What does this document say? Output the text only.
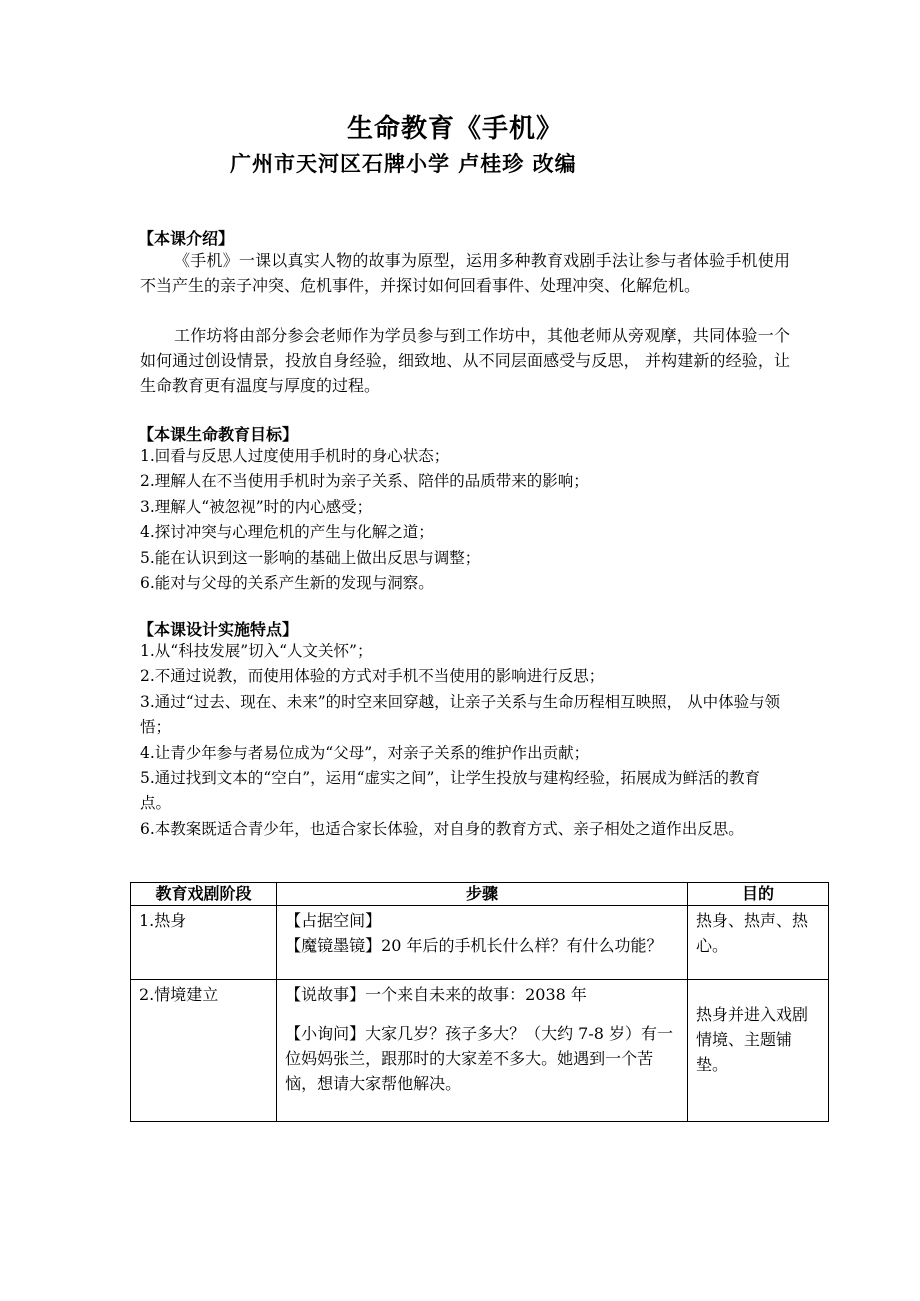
生命教育《手机》
广州市天河区石牌小学 卢桂珍 改编
【本课介绍】
《手机》一课以真实人物的故事为原型，运用多种教育戏剧手法让参与者体验手机使用不当产生的亲子冲突、危机事件，并探讨如何回看事件、处理冲突、化解危机。
工作坊将由部分参会老师作为学员参与到工作坊中，其他老师从旁观摩，共同体验一个如何通过创设情景，投放自身经验，细致地、从不同层面感受与反思， 并构建新的经验，让生命教育更有温度与厚度的过程。
【本课生命教育目标】
1.回看与反思人过度使用手机时的身心状态；
2.理解人在不当使用手机时为亲子关系、陪伴的品质带来的影响；
3.理解人“被忽视”时的内心感受；
4.探讨冲突与心理危机的产生与化解之道；
5.能在认识到这一影响的基础上做出反思与调整；
6.能对与父母的关系产生新的发现与洞察。
【本课设计实施特点】
1.从“科技发展”切入“人文关怀”；
2.不通过说教，而使用体验的方式对手机不当使用的影响进行反思；
3.通过“过去、现在、未来”的时空来回穿越，让亲子关系与生命历程相互映照， 从中体验与领悟；
4.让青少年参与者易位成为“父母”，对亲子关系的维护作出贡献；
5.通过找到文本的“空白”，运用“虚实之间”，让学生投放与建构经验，拓展成为鲜活的教育点。
6.本教案既适合青少年，也适合家长体验，对自身的教育方式、亲子相处之道作出反思。
教育戏剧阶段	步骤	目的
1.热身	【占据空间】
【魔镜墨镜】20 年后的手机长什么样？有什么功能？	热身、热声、热心。
2.情境建立	【说故事】一个来自未来的故事：2038 年
【小询问】大家几岁？孩子多大？（大约 7-8 岁）有一位妈妈张兰，跟那时的大家差不多大。她遇到一个苦恼，想请大家帮他解决。	热身并进入戏剧情境、主题铺垫。
